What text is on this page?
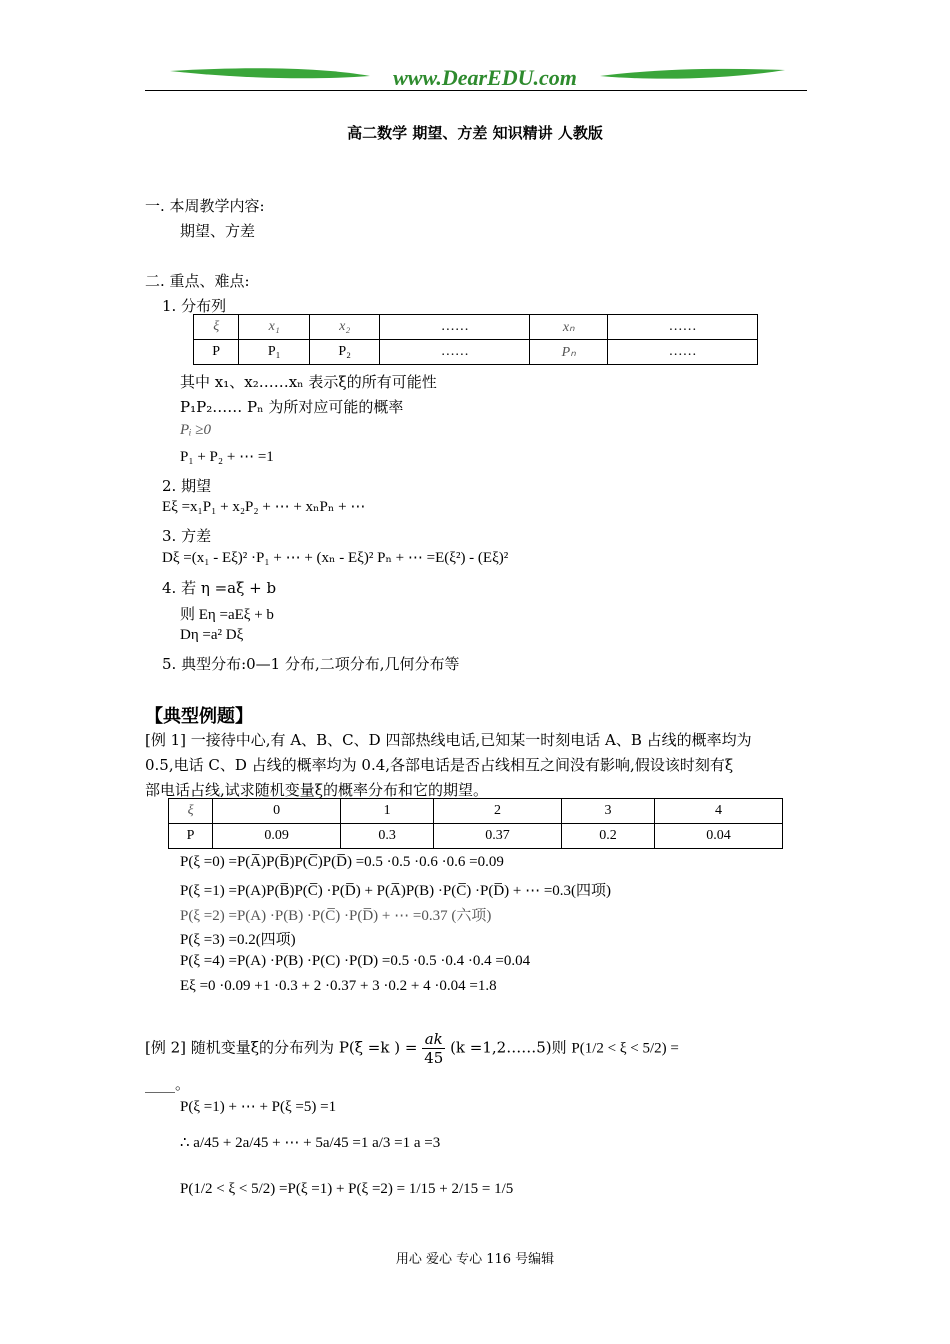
www.DearEDU.com
高二数学 期望、方差 知识精讲 人教版
一. 本周教学内容:
期望、方差
二. 重点、难点:
1. 分布列
ξ	x₁	x₂	……	xₙ	……
P	P₁	P₂	……	Pₙ	……
其中 x₁、x₂……xₙ 表示ξ的所有可能性
P₁P₂…… Pₙ 为所对应可能的概率
Pᵢ ≥0
P₁ + P₂ + ⋯ =1
2. 期望
Eξ =x₁P₁ + x₂P₂ + ⋯ + xₙPₙ + ⋯
3. 方差
Dξ =(x₁ - Eξ)² ·P₁ + ⋯ + (xₙ - Eξ)² Pₙ + ⋯ =E(ξ²) - (Eξ)²
4. 若 η =aξ + b
则 Eη =aEξ + b
Dη =a² Dξ
5. 典型分布:0—1 分布,二项分布,几何分布等
【典型例题】
[例 1] 一接待中心,有 A、B、C、D 四部热线电话,已知某一时刻电话 A、B 占线的概率均为
0.5,电话 C、D 占线的概率均为 0.4,各部电话是否占线相互之间没有影响,假设该时刻有ξ
部电话占线,试求随机变量ξ的概率分布和它的期望。
ξ	0	1	2	3	4
P	0.09	0.3	0.37	0.2	0.04
P(ξ =0) =P(A̅)P(B̅)P(C̅)P(D̅) =0.5 ·0.5 ·0.6 ·0.6 =0.09
P(ξ =1) =P(A)P(B̅)P(C̅) ·P(D̅) + P(A̅)P(B) ·P(C̅) ·P(D̅) + ⋯ =0.3(四项)
P(ξ =2) =P(A) ·P(B) ·P(C̅) ·P(D̅) + ⋯ =0.37 (六项)
P(ξ =3) =0.2(四项)
P(ξ =4) =P(A) ·P(B) ·P(C) ·P(D) =0.5 ·0.5 ·0.4 ·0.4 =0.04
Eξ =0 ·0.09 +1 ·0.3 + 2 ·0.37 + 3 ·0.2 + 4 ·0.04 =1.8
[例 2] 随机变量ξ的分布列为 P(ξ =k ) = $\frac{ak}{45} (k$ =1,2……5)则 P(1/2 < ξ < 5/2) =
____。
P(ξ =1) + ⋯ + P(ξ =5) =1
∴ a/45 + 2a/45 + ⋯ + 5a/45 =1 a/3 =1 a =3
P(1/2 < ξ < 5/2) =P(ξ =1) + P(ξ =2) = 1/15 + 2/15 = 1/5
用心 爱心 专心 116 号编辑
